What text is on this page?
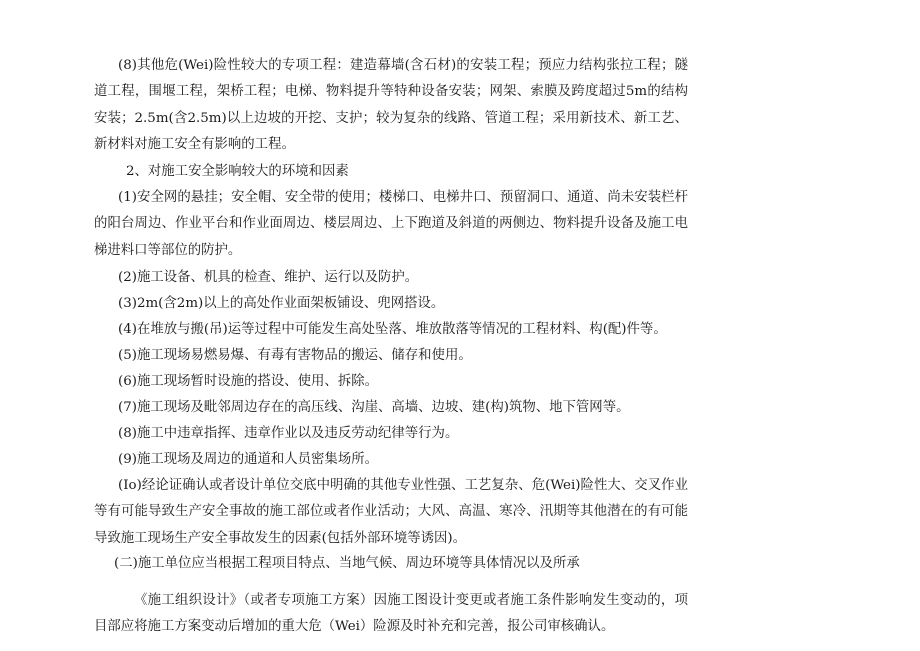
(8)其他危(Wei)险性较大的专项工程：建造幕墙(含石材)的安装工程；预应力结构张拉工程；隧道工程，围堰工程，架桥工程；电梯、物料提升等特种设备安装；网架、索膜及跨度超过5m的结构安装；2.5m(含2.5m)以上边坡的开挖、支护；较为复杂的线路、管道工程；采用新技术、新工艺、新材料对施工安全有影响的工程。

2、对施工安全影响较大的环境和因素

(1)安全网的悬挂；安全帽、安全带的使用；楼梯口、电梯井口、预留洞口、通道、尚未安装栏杆的阳台周边、作业平台和作业面周边、楼层周边、上下跑道及斜道的两侧边、物料提升设备及施工电梯进料口等部位的防护。

(2)施工设备、机具的检查、维护、运行以及防护。

(3)2m(含2m)以上的高处作业面架板铺设、兜网搭设。

(4)在堆放与搬(吊)运等过程中可能发生高处坠落、堆放散落等情况的工程材料、构(配)件等。

(5)施工现场易燃易爆、有毒有害物品的搬运、储存和使用。

(6)施工现场暂时设施的搭设、使用、拆除。

(7)施工现场及毗邻周边存在的高压线、沟崖、高墙、边坡、建(构)筑物、地下管网等。

(8)施工中违章指挥、违章作业以及违反劳动纪律等行为。

(9)施工现场及周边的通道和人员密集场所。

(Io)经论证确认或者设计单位交底中明确的其他专业性强、工艺复杂、危(Wei)险性大、交叉作业等有可能导致生产安全事故的施工部位或者作业活动；大风、高温、寒冷、汛期等其他潜在的有可能导致施工现场生产安全事故发生的因素(包括外部环境等诱因)。

(二)施工单位应当根据工程项目特点、当地气候、周边环境等具体情况以及所承

《施工组织设计》（或者专项施工方案）因施工图设计变更或者施工条件影响发生变动的，项目部应将施工方案变动后增加的重大危（Wei）险源及时补充和完善，报公司审核确认。
